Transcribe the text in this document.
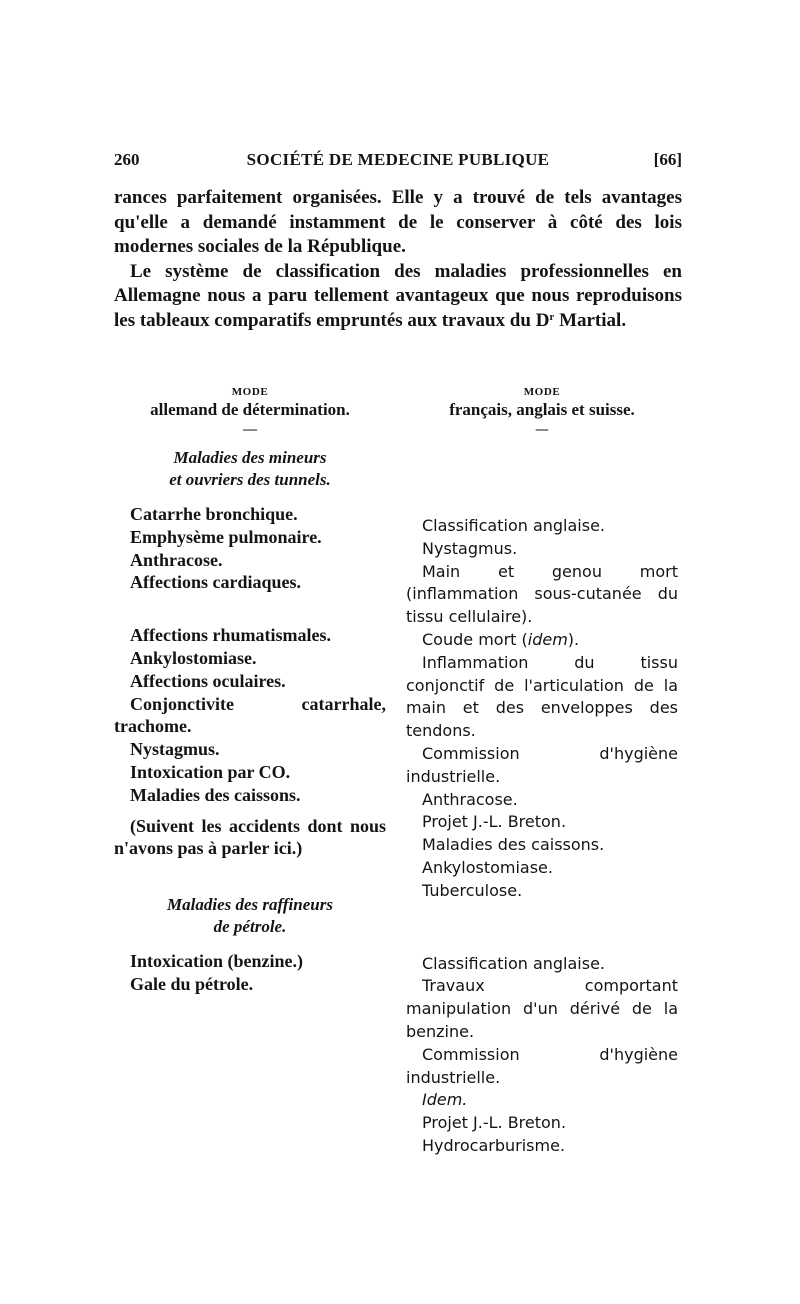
260	SOCIÉTÉ DE MEDECINE PUBLIQUE	[66]

rances parfaitement organisées. Elle y a trouvé de tels avantages qu'elle a demandé instamment de le conserver à côté des lois modernes sociales de la République.

Le système de classification des maladies professionnelles en Allemagne nous a paru tellement avantageux que nous reproduisons les tableaux comparatifs empruntés aux travaux du $D^r$ Martial.

MODE
allemand de détermination.
—
Maladies des mineurs
et ouvriers des tunnels.
Catarrhe bronchique.
Emphysème pulmonaire.
Anthracose.
Affections cardiaques.
Affections rhumatismales.
Ankylostomiase.
Affections oculaires.
Conjonctivite catarrhale, trachome.
Nystagmus.
Intoxication par CO.
Maladies des caissons.
(Suivent les accidents dont nous n'avons pas à parler ici.)
Maladies des raffineurs
de pétrole.
Intoxication (benzine.)
Gale du pétrole.
MODE
français, anglais et suisse.
—
Classification anglaise.
Nystagmus.
Main et genou mort (inflammation sous-cutanée du tissu cellulaire).
Coude mort (idem).
Inflammation du tissu conjonctif de l'articulation de la main et des enveloppes des tendons.
Commission d'hygiène industrielle.
Anthracose.
Projet J.-L. Breton.
Maladies des caissons.
Ankylostomiase.
Tuberculose.
Classification anglaise.
Travaux comportant manipulation d'un dérivé de la benzine.
Commission d'hygiène industrielle.
Idem.
Projet J.-L. Breton.
Hydrocarburisme.
